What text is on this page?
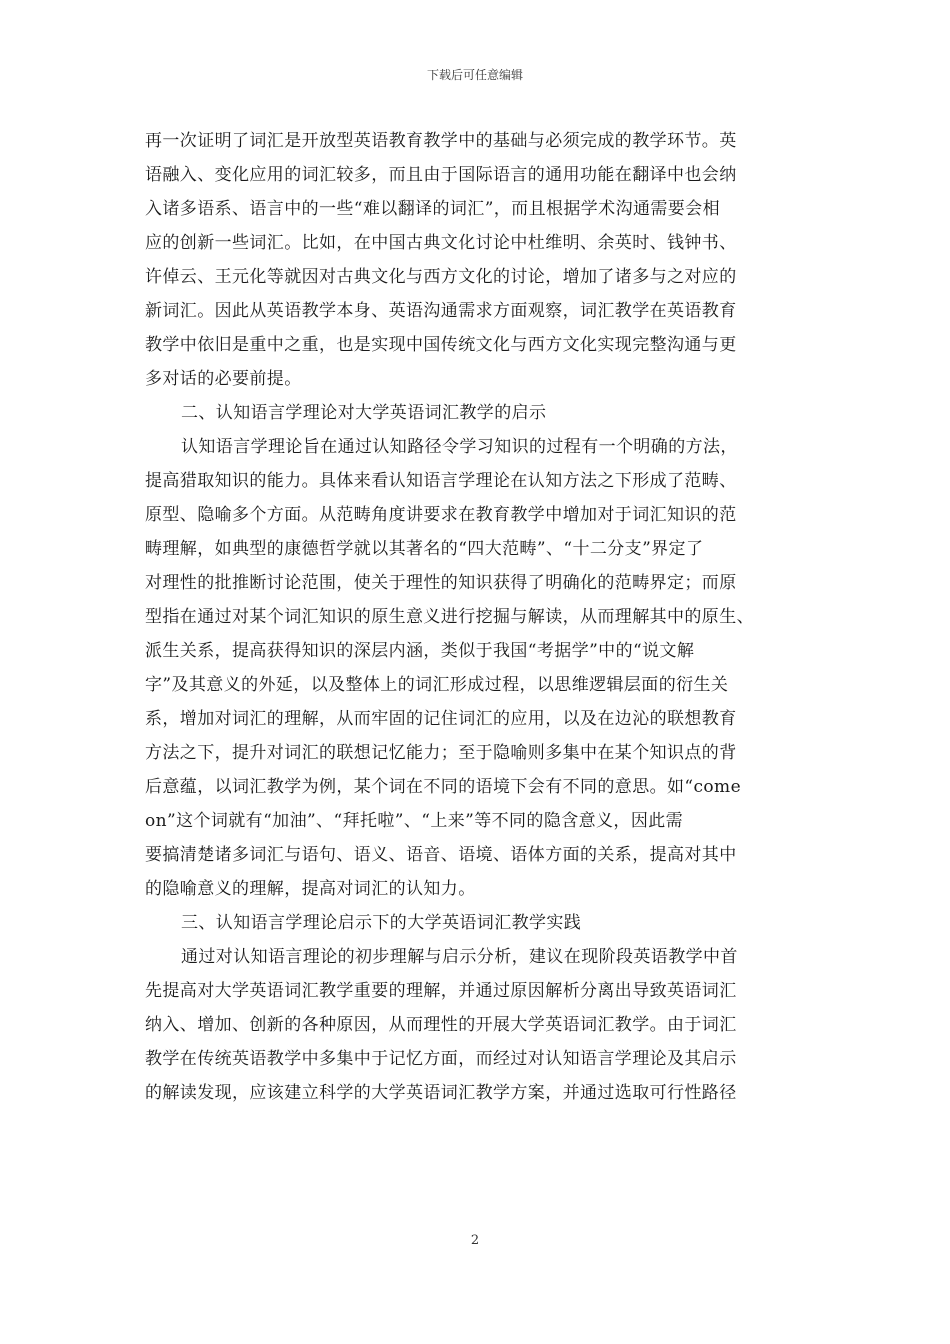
下载后可任意编辑
再一次证明了词汇是开放型英语教育教学中的基础与必须完成的教学环节。英
语融入、变化应用的词汇较多，而且由于国际语言的通用功能在翻译中也会纳
入诸多语系、语言中的一些“难以翻译的词汇”，而且根据学术沟通需要会相
应的创新一些词汇。比如，在中国古典文化讨论中杜维明、余英时、钱钟书、
许倬云、王元化等就因对古典文化与西方文化的讨论，增加了诸多与之对应的
新词汇。因此从英语教学本身、英语沟通需求方面观察，词汇教学在英语教育
教学中依旧是重中之重，也是实现中国传统文化与西方文化实现完整沟通与更
多对话的必要前提。
二、认知语言学理论对大学英语词汇教学的启示
认知语言学理论旨在通过认知路径令学习知识的过程有一个明确的方法，
提高猎取知识的能力。具体来看认知语言学理论在认知方法之下形成了范畴、
原型、隐喻多个方面。从范畴角度讲要求在教育教学中增加对于词汇知识的范
畴理解，如典型的康德哲学就以其著名的“四大范畴”、“十二分支”界定了
对理性的批推断讨论范围，使关于理性的知识获得了明确化的范畴界定；而原
型指在通过对某个词汇知识的原生意义进行挖掘与解读，从而理解其中的原生、
派生关系，提高获得知识的深层内涵，类似于我国“考据学”中的“说文解
字”及其意义的外延，以及整体上的词汇形成过程，以思维逻辑层面的衍生关
系，增加对词汇的理解，从而牢固的记住词汇的应用，以及在边沁的联想教育
方法之下，提升对词汇的联想记忆能力；至于隐喻则多集中在某个知识点的背
后意蕴，以词汇教学为例，某个词在不同的语境下会有不同的意思。如“come
on”这个词就有“加油”、“拜托啦”、“上来”等不同的隐含意义，因此需
要搞清楚诸多词汇与语句、语义、语音、语境、语体方面的关系，提高对其中
的隐喻意义的理解，提高对词汇的认知力。
三、认知语言学理论启示下的大学英语词汇教学实践
通过对认知语言理论的初步理解与启示分析，建议在现阶段英语教学中首
先提高对大学英语词汇教学重要的理解，并通过原因解析分离出导致英语词汇
纳入、增加、创新的各种原因，从而理性的开展大学英语词汇教学。由于词汇
教学在传统英语教学中多集中于记忆方面，而经过对认知语言学理论及其启示
的解读发现，应该建立科学的大学英语词汇教学方案，并通过选取可行性路径
2
